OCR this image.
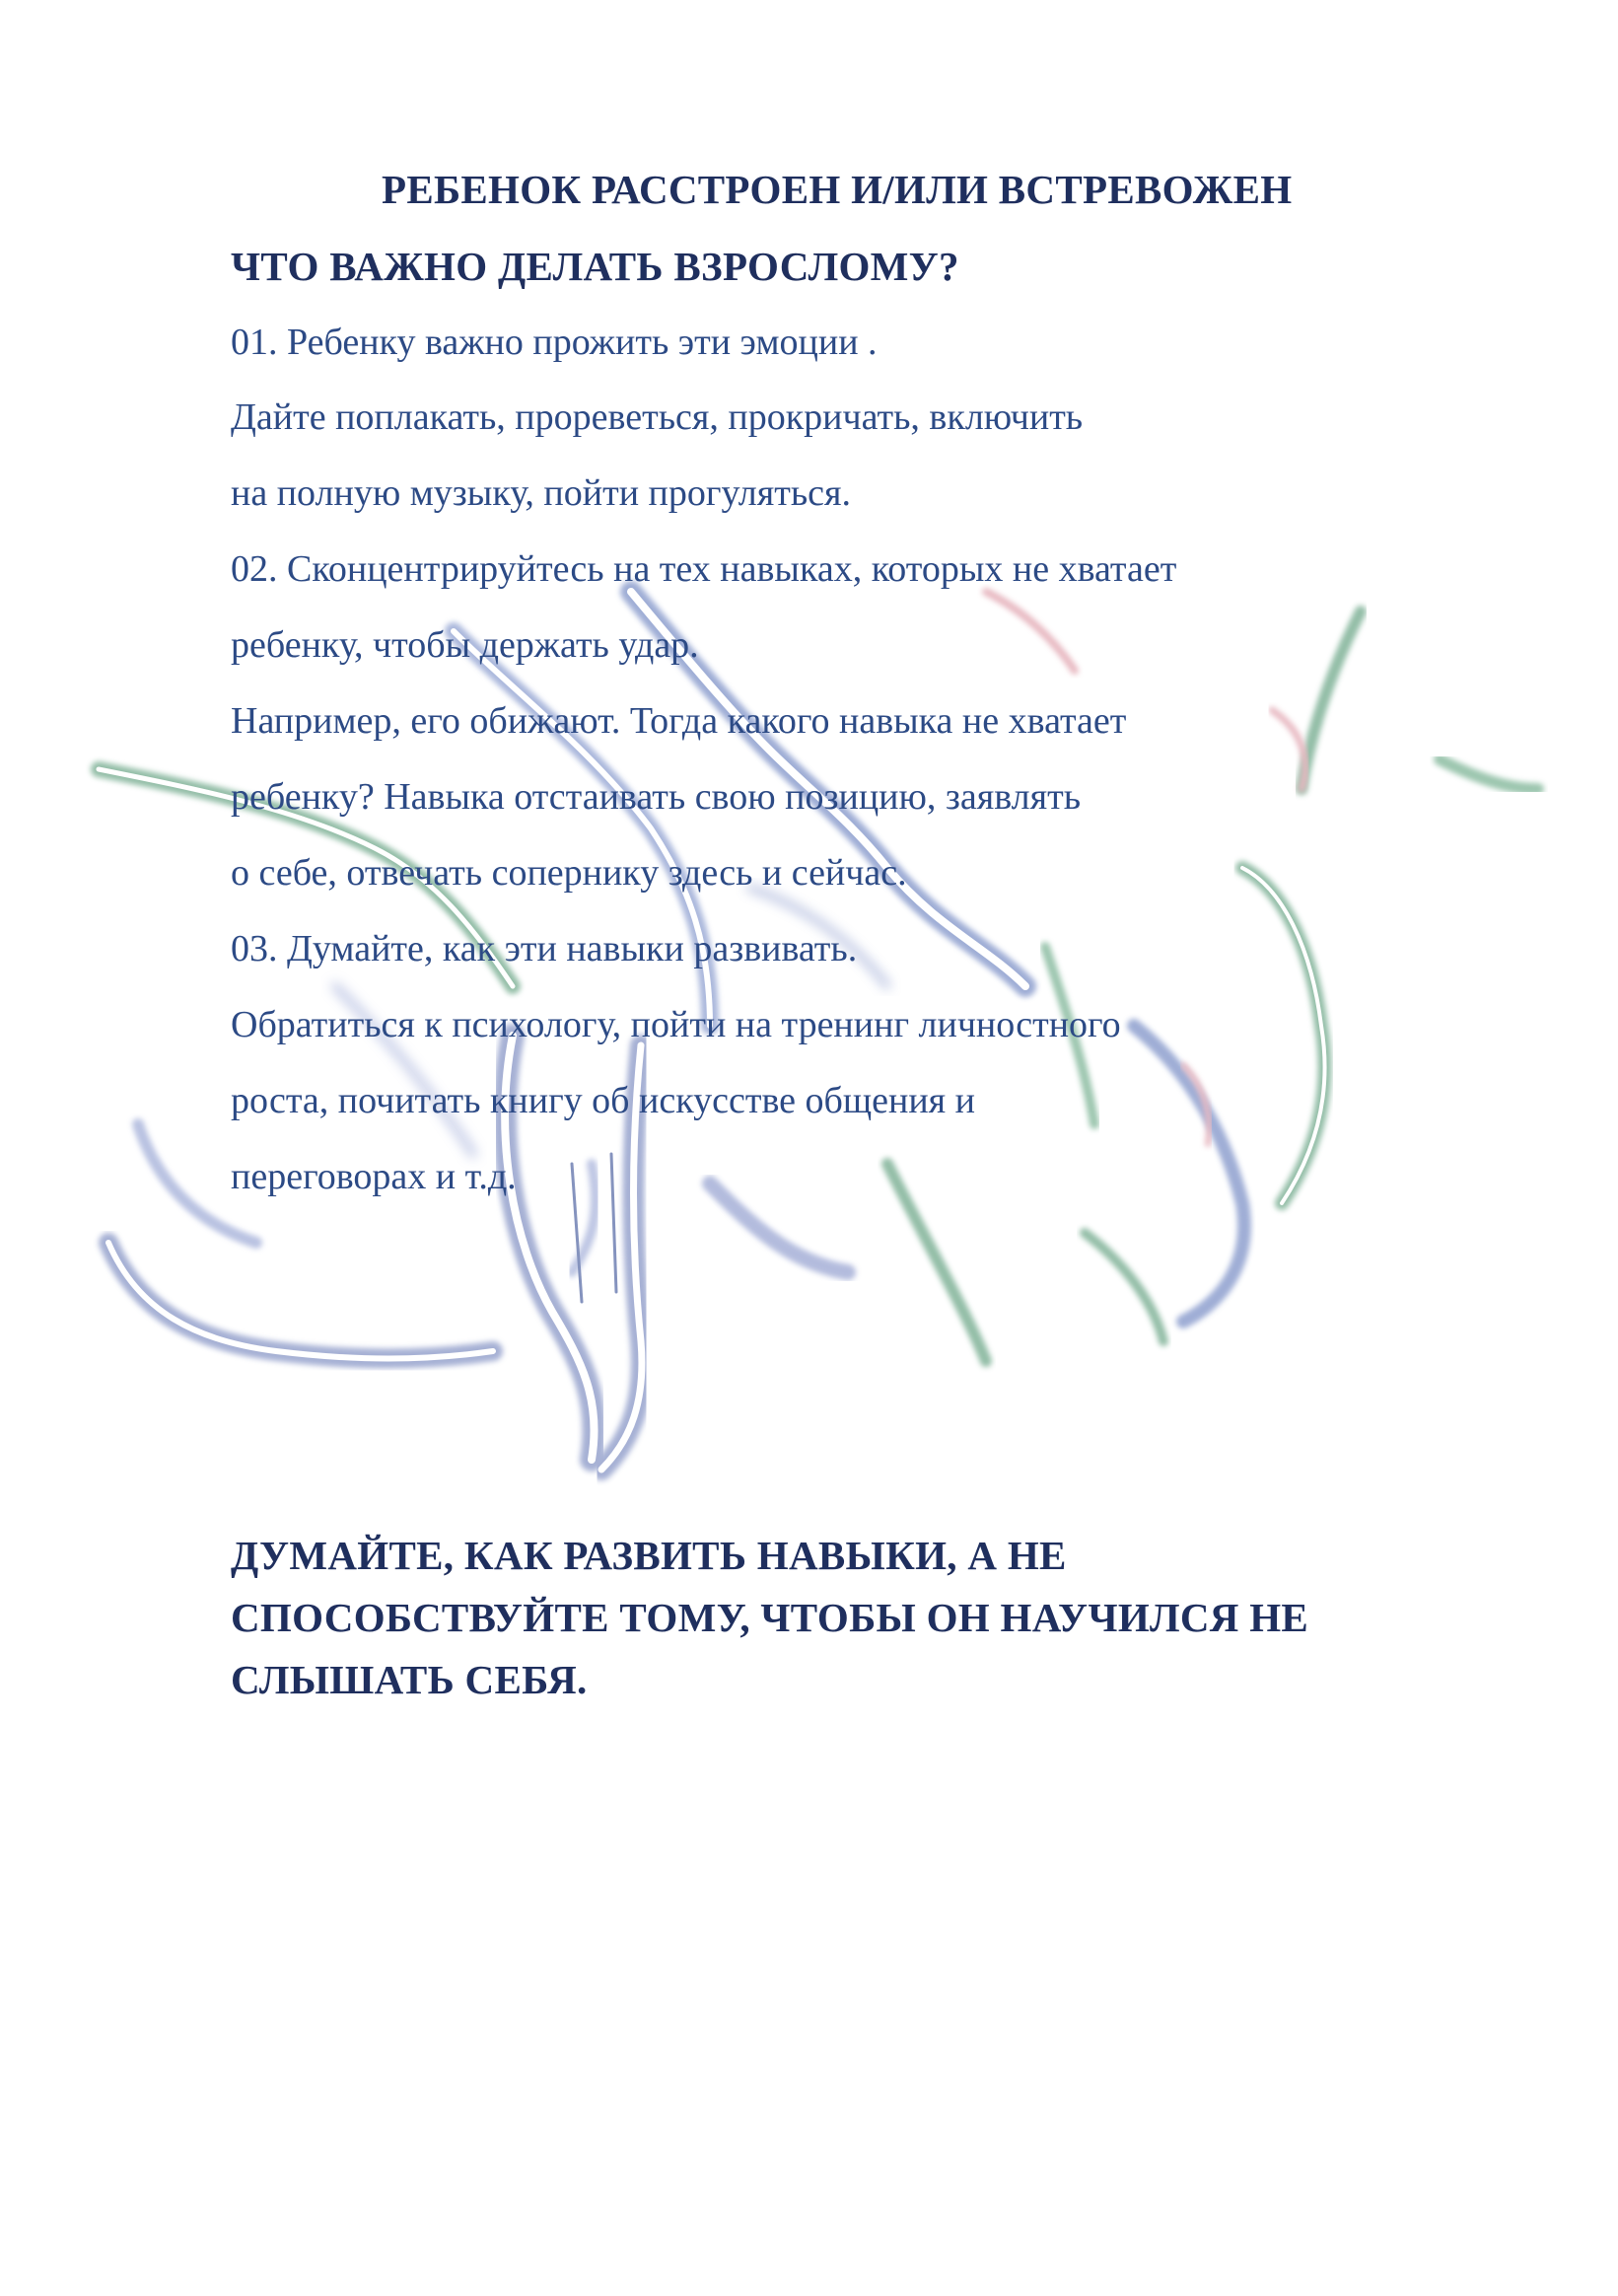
РЕБЕНОК РАССТРОЕН И/ИЛИ ВСТРЕВОЖЕН
ЧТО ВАЖНО ДЕЛАТЬ ВЗРОСЛОМУ?

01. Ребенку важно прожить эти эмоции .

Дайте поплакать, прореветься, прокричать, включить

на полную музыку, пойти прогуляться.

02. Сконцентрируйтесь на тех навыках, которых не хватает

ребенку, чтобы держать удар.

Например, его обижают. Тогда какого навыка не хватает

ребенку? Навыка отстаивать свою позицию, заявлять

о себе, отвечать сопернику здесь и сейчас.

03. Думайте, как эти навыки развивать.

Обратиться к психологу, пойти на тренинг личностного

роста, почитать книгу об искусстве общения и

переговорах и т.д.

ДУМАЙТЕ, КАК РАЗВИТЬ НАВЫКИ, А НЕ

СПОСОБСТВУЙТЕ ТОМУ, ЧТОБЫ ОН НАУЧИЛСЯ НЕ

СЛЫШАТЬ СЕБЯ.
